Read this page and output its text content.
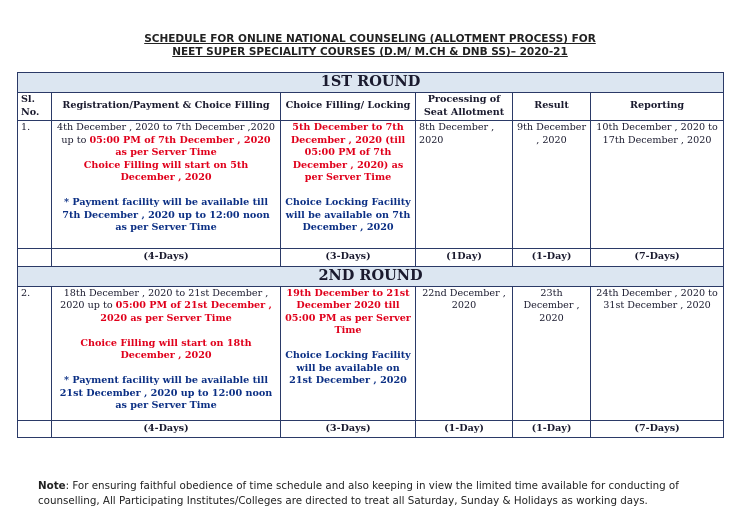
SCHEDULE FOR ONLINE NATIONAL COUNSELING (ALLOTMENT PROCESS) FOR
NEET SUPER SPECIALITY COURSES (D.M/ M.CH & DNB SS)– 2020-21
1ST ROUND					
Sl. No.	Registration/Payment & Choice Filling	Choice Filling/ Locking	Processing of Seat Allotment	Result	Reporting
1.	4th December , 2020 to 7th December ,2020 up to 05:00 PM of 7th December , 2020 as per Server Time
Choice Filling will start on 5th December , 2020

* Payment facility will be available till 7th December , 2020 up to 12:00 noon as per Server Time	5th December to 7th December , 2020 (till 05:00 PM of 7th December , 2020) as per Server Time

Choice Locking Facility will be available on 7th December , 2020	8th December , 2020	9th December , 2020	10th December , 2020 to 17th December , 2020
	(4-Days)	(3-Days)	(1Day)	(1-Day)	(7-Days)
2ND ROUND					
2.	18th December , 2020 to 21st December , 2020 up to 05:00 PM of 21st December , 2020 as per Server Time

Choice Filling will start on 18th December , 2020

* Payment facility will be available till 21st December , 2020 up to 12:00 noon as per Server Time	19th December to 21st December 2020 till 05:00 PM as per Server Time

Choice Locking Facility will be available on 21st December , 2020	22nd December , 2020	23th December , 2020	24th December , 2020 to 31st December , 2020
	(4-Days)	(3-Days)	(1-Day)	(1-Day)	(7-Days)
Note: For ensuring faithful obedience of time schedule and also keeping in view the limited time available for conducting of counselling, All Participating Institutes/Colleges are directed to treat all Saturday, Sunday & Holidays as working days.
